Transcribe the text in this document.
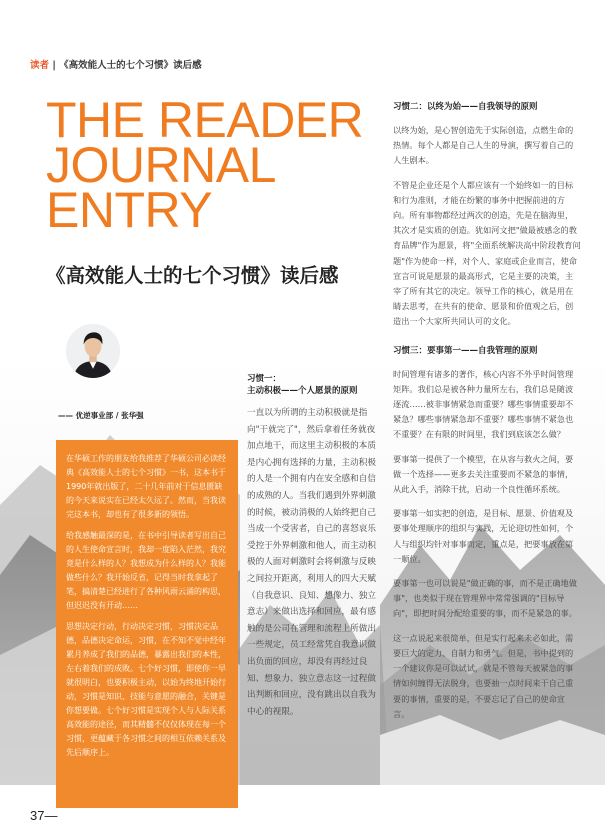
读者 | 《高效能人士的七个习惯》读后感
THE READER
JOURNAL
ENTRY
《高效能人士的七个习惯》读后感
—— 优逆事业部 / 张华强

在华硕工作的朋友给我推荐了华硕公司必读经典《高效能人士的七个习惯》一书，这本书于1990年就出版了，二十几年前对于信息匮缺的今天来说实在已经太久远了。然而，当我读完这本书，却也有了很多新的领悟。

给我感触最深的是，在书中引导读者写出自己的人生使命宣言时，我却一度陷入茫然，我究竟是什么样的人？我想成为什么样的人？我能做些什么？我开始反省，记得当时我拿起了笔，搞清楚已经进行了各种风雨云涌的构思，但迟迟没有开动……

思想决定行动，行动决定习惯，习惯决定品德，品德决定命运，习惯，在不知不觉中经年累月养成了我们的品德，暴露出我们的本性，左右着我们的成败。七个好习惯，即使你一早就很明白，也要积极主动，以始为终地开始行动，习惯是知识、技能与意愿的融合，关键是你想要做。七个好习惯是实现个人与人际关系高效能的途径，而其精髓不仅仅体现在每一个习惯，更蕴藏于各习惯之间的相互依赖关系及先后顺序上。

习惯一：
主动积极——个人愿景的原则
一直以为所谓的主动积极就是指向"干就完了"，然后拿着任务就夜加点地干，而这里主动积极的本质是内心拥有选择的力量，主动积极的人是一个拥有内在安全感和自信的成熟的人。当我们遇到外界刺激的时候，被动消极的人始终把自己当成一个受害者，自己的喜怒哀乐受控于外界刺激和他人，而主动积极的人面对刺激时会将刺激与反映之间拉开距离，利用人的四大天赋（自我意识、良知、想像力、独立意志）来做出选择和回应，最有感触的是公司在管理和流程上所做出一些规定，员工经常凭自我意识做出负面的回应，却没有再经过良知、想象力、独立意志这一过程做出判断和回应，没有跳出以自我为中心的视限。
习惯二：以终为始——自我领导的原则

以终为始，是心智创造先于实际创造，点燃生命的热情。每个人都是自己人生的导演，撰写着自己的人生剧本。

不管是企业还是个人都应该有一个始终如一的目标和行为准则，才能在纷繁的事务中把握前进的方向。所有事物都经过两次的创造，先是在脑海里，其次才是实质的创造。犹如河文把"做最被感念的教育品牌"作为愿景，将"全面系统解决高中阶段教育问题"作为使命一样，对个人、家庭或企业而言，使命宣言可说是愿景的最高形式，它是主要的决策，主宰了所有其它的决定。领导工作的核心，就是用在睛去思考，在共有的使命、愿景和价值观之后，创造出一个大家所共同认可的文化。

习惯三：要事第一——自我管理的原则

时间管理有诸多的著作，核心内容不外乎时间管理矩阵。我们总是被各种力量所左右，我们总是随波逐流……被非事情紧急而重要？哪些事情重要却不紧急？哪些事情紧急却不重要？哪些事情不紧急也不重要？在有限的时间里，我们到底该怎么做？

要事第一提供了一个模型，在从容与救火之间，要做一个选择——更多去关注重要而不紧急的事情，从此入手，消除干扰，启动一个良性循环系统。

要事第一如实把的创造，是目标、愿景、价值观及要事处理顺序的组织与实践，无论迎切性如何，个人与组织均针对事事而定，重点是，把要事放在第一顺位。

要事第一也可以说是"做正确的事，而不是正确地做事"，也类似于现在管理界中常常强调的"目标导向"，即把时间分配给重要的事，而不是紧急的事。

这一点说起来很简单，但是实行起来未必如此，需要巨大的定力、自制力和勇气。但是，书中提到的一个建议你是可以试试，就是不管每天被紧急的事情如何缠得无法脱身，也要抽一点时间来干自己重要的事情，重要的是，不要忘记了自己的使命宣言。

37—
